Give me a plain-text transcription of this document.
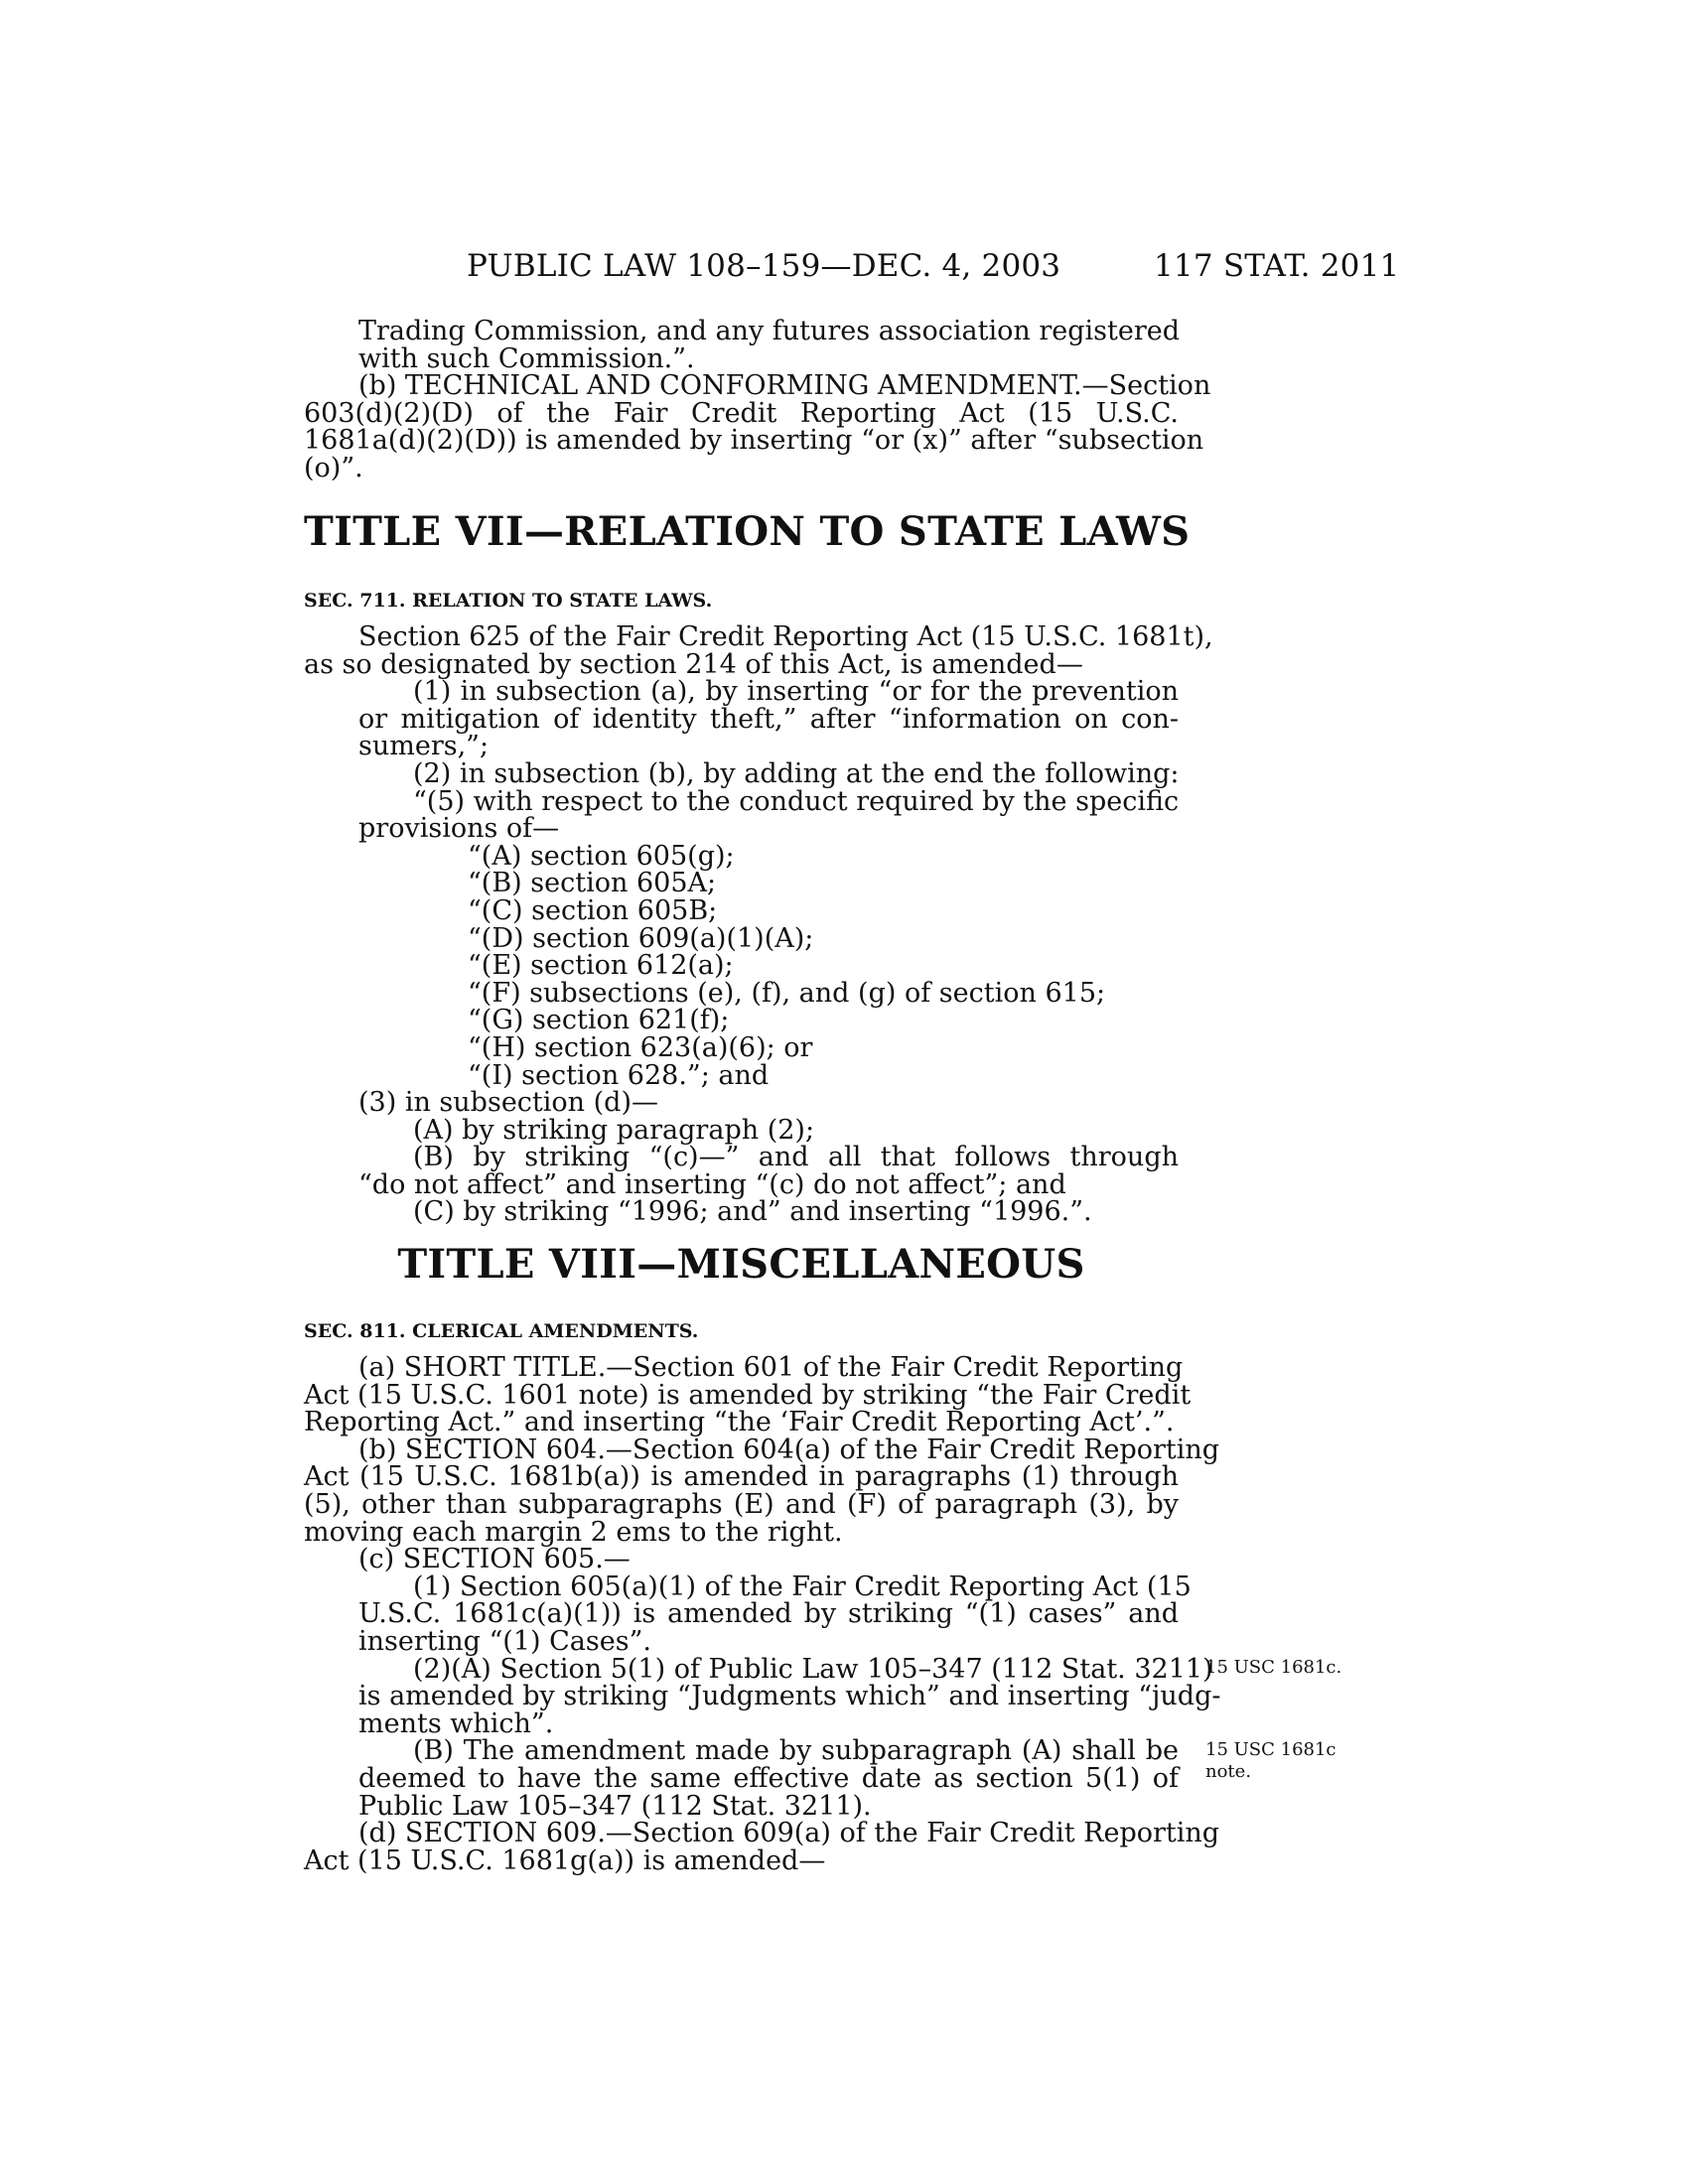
PUBLIC LAW 108–159—DEC. 4, 2003	117 STAT. 2011
Trading Commission, and any futures association registered
with such Commission.”.
(b) TECHNICAL AND CONFORMING AMENDMENT.—Section
603(d)(2)(D) of the Fair Credit Reporting Act (15 U.S.C.
1681a(d)(2)(D)) is amended by inserting “or (x)” after “subsection
(o)”.
TITLE VII—RELATION TO STATE LAWS
SEC. 711. RELATION TO STATE LAWS.
Section 625 of the Fair Credit Reporting Act (15 U.S.C. 1681t),
as so designated by section 214 of this Act, is amended—
(1) in subsection (a), by inserting “or for the prevention
or mitigation of identity theft,” after “information on con-
sumers,”;
(2) in subsection (b), by adding at the end the following:
“(5) with respect to the conduct required by the specific
provisions of—
“(A) section 605(g);
“(B) section 605A;
“(C) section 605B;
“(D) section 609(a)(1)(A);
“(E) section 612(a);
“(F) subsections (e), (f), and (g) of section 615;
“(G) section 621(f);
“(H) section 623(a)(6); or
“(I) section 628.”; and
(3) in subsection (d)—
(A) by striking paragraph (2);
(B) by striking “(c)—” and all that follows through
“do not affect” and inserting “(c) do not affect”; and
(C) by striking “1996; and” and inserting “1996.”.
TITLE VIII—MISCELLANEOUS
SEC. 811. CLERICAL AMENDMENTS.
(a) SHORT TITLE.—Section 601 of the Fair Credit Reporting
Act (15 U.S.C. 1601 note) is amended by striking “the Fair Credit
Reporting Act.” and inserting “the ‘Fair Credit Reporting Act’.”.
(b) SECTION 604.—Section 604(a) of the Fair Credit Reporting
Act (15 U.S.C. 1681b(a)) is amended in paragraphs (1) through
(5), other than subparagraphs (E) and (F) of paragraph (3), by
moving each margin 2 ems to the right.
(c) SECTION 605.—
(1) Section 605(a)(1) of the Fair Credit Reporting Act (15
U.S.C. 1681c(a)(1)) is amended by striking “(1) cases” and
inserting “(1) Cases”.
(2)(A) Section 5(1) of Public Law 105–347 (112 Stat. 3211)
is amended by striking “Judgments which” and inserting “judg-
ments which”.
(B) The amendment made by subparagraph (A) shall be
deemed to have the same effective date as section 5(1) of
Public Law 105–347 (112 Stat. 3211).
(d) SECTION 609.—Section 609(a) of the Fair Credit Reporting
Act (15 U.S.C. 1681g(a)) is amended—
15 USC 1681c.
15 USC 1681c
note.
